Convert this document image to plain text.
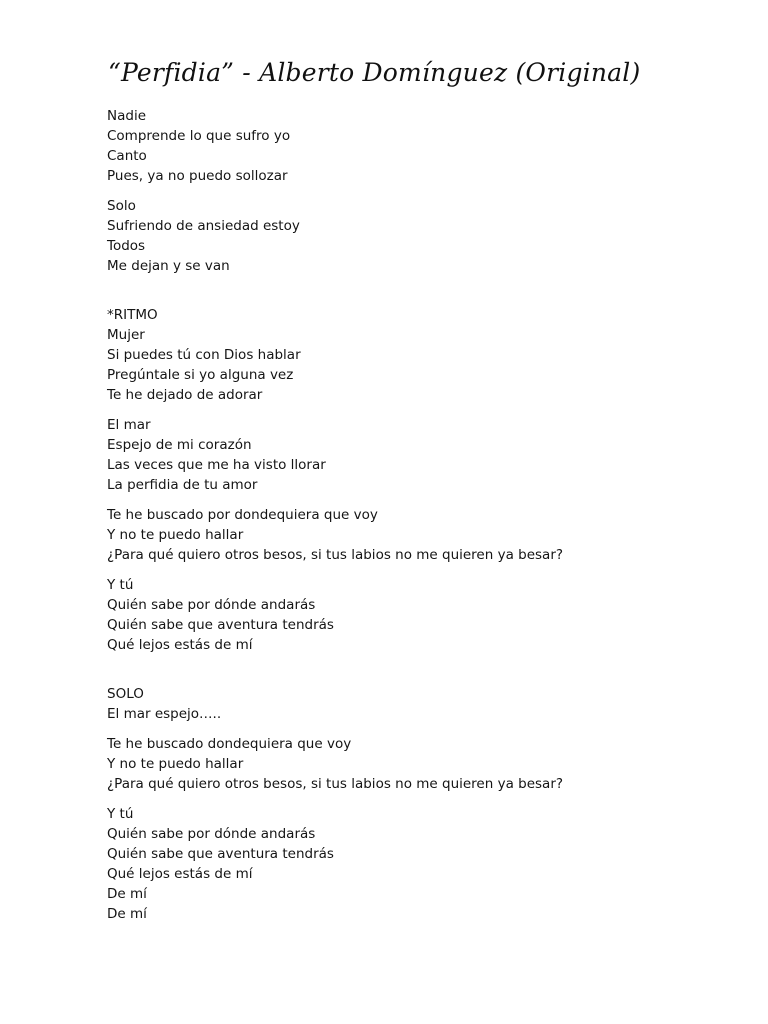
“Perfidia” - Alberto Domínguez (Original)
Nadie
Comprende lo que sufro yo
Canto
Pues, ya no puedo sollozar
Solo
Sufriendo de ansiedad estoy
Todos
Me dejan y se van
*RITMO
Mujer
Si puedes tú con Dios hablar
Pregúntale si yo alguna vez
Te he dejado de adorar
El mar
Espejo de mi corazón
Las veces que me ha visto llorar
La perfidia de tu amor
Te he buscado por dondequiera que voy
Y no te puedo hallar
¿Para qué quiero otros besos, si tus labios no me quieren ya besar?
Y tú
Quién sabe por dónde andarás
Quién sabe que aventura tendrás
Qué lejos estás de mí
SOLO
El mar espejo…..
Te he buscado dondequiera que voy
Y no te puedo hallar
¿Para qué quiero otros besos, si tus labios no me quieren ya besar?
Y tú
Quién sabe por dónde andarás
Quién sabe que aventura tendrás
Qué lejos estás de mí
De mí
De mí
